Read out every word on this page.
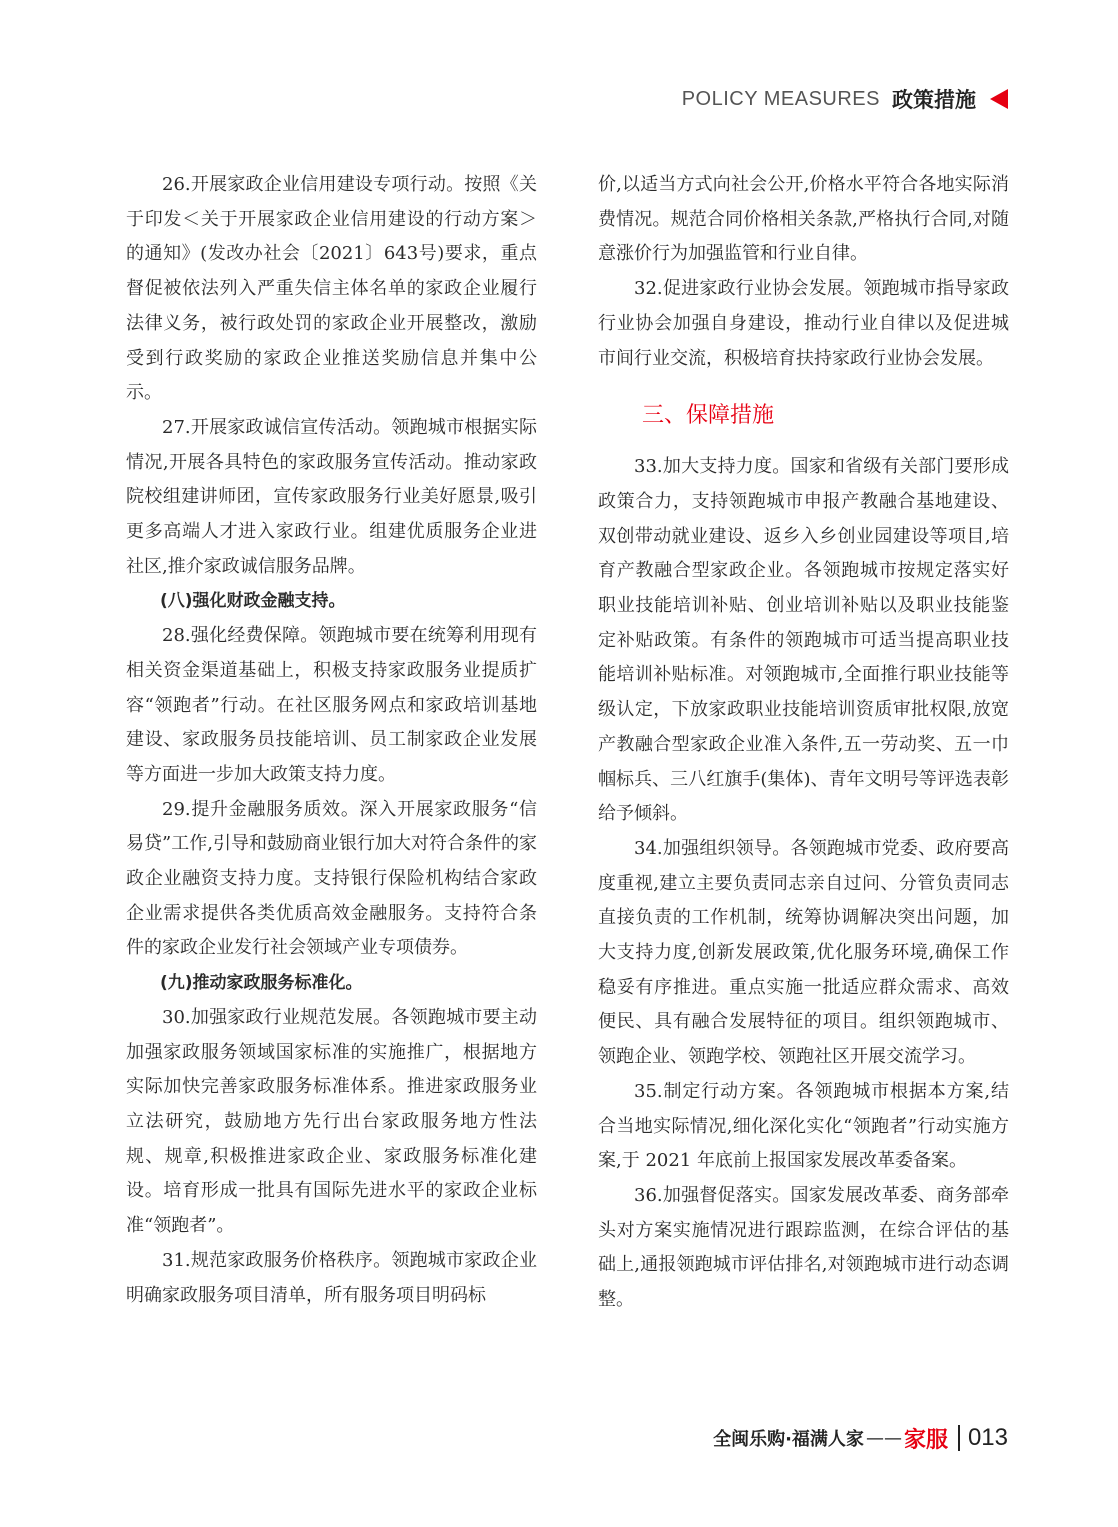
POLICY MEASURES 政策措施

26.开展家政企业信用建设专项行动。按照《关于印发＜关于开展家政企业信用建设的行动方案＞的通知》(发改办社会〔2021〕643号)要求，重点督促被依法列入严重失信主体名单的家政企业履行法律义务，被行政处罚的家政企业开展整改，激励受到行政奖励的家政企业推送奖励信息并集中公示。

27.开展家政诚信宣传活动。领跑城市根据实际情况,开展各具特色的家政服务宣传活动。推动家政院校组建讲师团，宣传家政服务行业美好愿景,吸引更多高端人才进入家政行业。组建优质服务企业进社区,推介家政诚信服务品牌。

(八)强化财政金融支持。

28.强化经费保障。领跑城市要在统筹利用现有相关资金渠道基础上，积极支持家政服务业提质扩容“领跑者”行动。在社区服务网点和家政培训基地建设、家政服务员技能培训、员工制家政企业发展等方面进一步加大政策支持力度。

29.提升金融服务质效。深入开展家政服务“信易贷”工作,引导和鼓励商业银行加大对符合条件的家政企业融资支持力度。支持银行保险机构结合家政企业需求提供各类优质高效金融服务。支持符合条件的家政企业发行社会领域产业专项债券。

(九)推动家政服务标准化。

30.加强家政行业规范发展。各领跑城市要主动加强家政服务领域国家标准的实施推广，根据地方实际加快完善家政服务标准体系。推进家政服务业立法研究，鼓励地方先行出台家政服务地方性法规、规章,积极推进家政企业、家政服务标准化建设。培育形成一批具有国际先进水平的家政企业标准“领跑者”。

31.规范家政服务价格秩序。领跑城市家政企业明确家政服务项目清单，所有服务项目明码标

价,以适当方式向社会公开,价格水平符合各地实际消费情况。规范合同价格相关条款,严格执行合同,对随意涨价行为加强监管和行业自律。

32.促进家政行业协会发展。领跑城市指导家政行业协会加强自身建设，推动行业自律以及促进城市间行业交流，积极培育扶持家政行业协会发展。

三、保障措施

33.加大支持力度。国家和省级有关部门要形成政策合力，支持领跑城市申报产教融合基地建设、双创带动就业建设、返乡入乡创业园建设等项目,培育产教融合型家政企业。各领跑城市按规定落实好职业技能培训补贴、创业培训补贴以及职业技能鉴定补贴政策。有条件的领跑城市可适当提高职业技能培训补贴标准。对领跑城市,全面推行职业技能等级认定，下放家政职业技能培训资质审批权限,放宽产教融合型家政企业准入条件,五一劳动奖、五一巾帼标兵、三八红旗手(集体)、青年文明号等评选表彰给予倾斜。

34.加强组织领导。各领跑城市党委、政府要高度重视,建立主要负责同志亲自过问、分管负责同志直接负责的工作机制，统筹协调解决突出问题，加大支持力度,创新发展政策,优化服务环境,确保工作稳妥有序推进。重点实施一批适应群众需求、高效便民、具有融合发展特征的项目。组织领跑城市、领跑企业、领跑学校、领跑社区开展交流学习。

35.制定行动方案。各领跑城市根据本方案,结合当地实际情况,细化深化实化“领跑者”行动实施方案,于 2021 年底前上报国家发展改革委备案。

36.加强督促落实。国家发展改革委、商务部牵头对方案实施情况进行跟踪监测，在综合评估的基础上,通报领跑城市评估排名,对领跑城市进行动态调整。

全闽乐购·福满人家 —— 家服 013
